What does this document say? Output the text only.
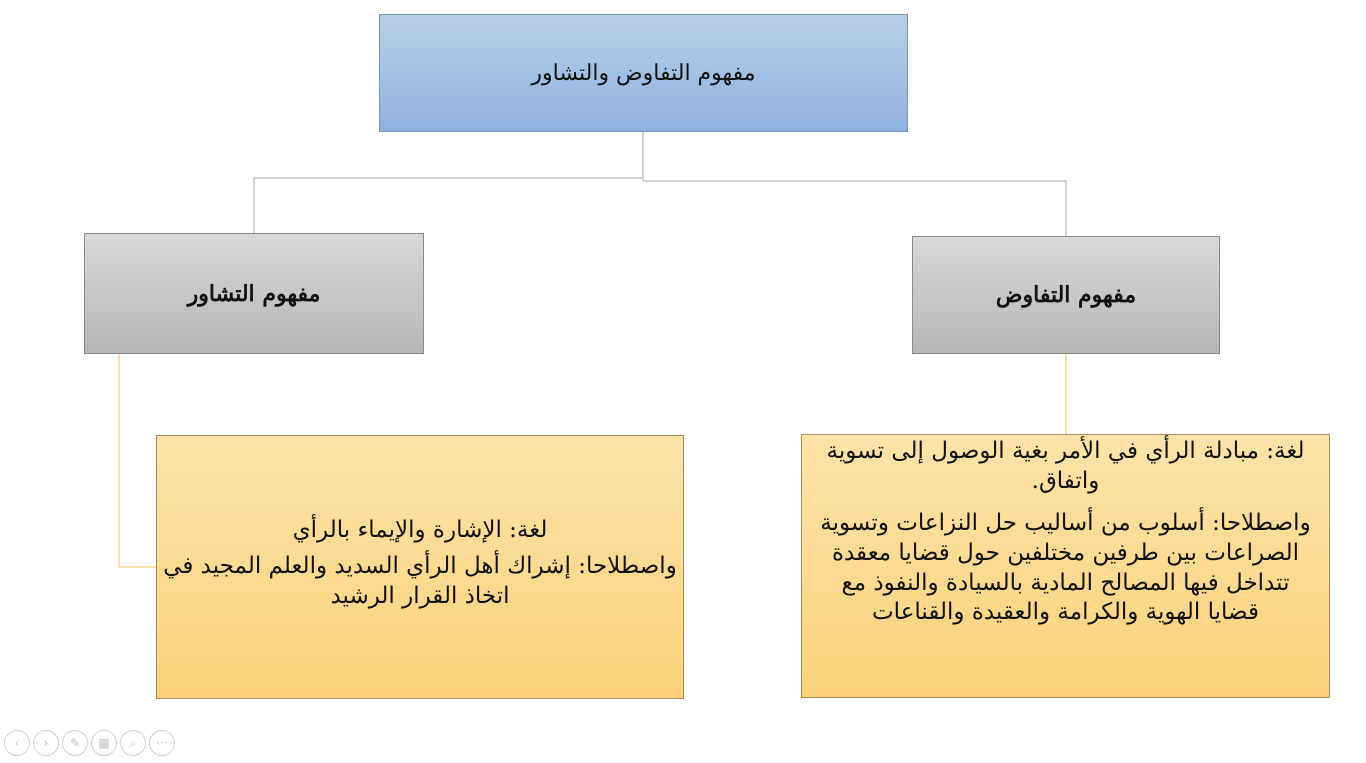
مفهوم التفاوض والتشاور
مفهوم التشاور	مفهوم التفاوض

لغة: الإشارة والإيماء بالرأي

واصطلاحا: إشراك أهل الرأي السديد والعلم المجيد في اتخاذ القرار الرشيد

لغة: مبادلة الرأي في الأمر بغية الوصول إلى تسوية واتفاق.

واصطلاحا: أسلوب من أساليب حل النزاعات وتسوية الصراعات بين طرفين مختلفين حول قضايا معقدة تتداخل فيها المصالح المادية بالسيادة والنفوذ مع قضايا الهوية والكرامة والعقيدة والقناعات

‹ › ✎ ▦ ⌕ ···
